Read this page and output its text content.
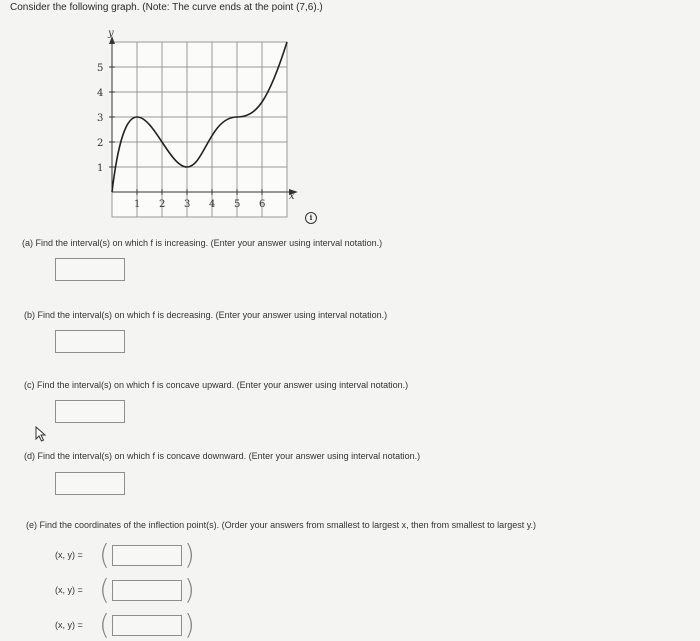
Consider the following graph. (Note: The curve ends at the point (7,6).)
y
x
5
4
3
2
1
1 2 3 4 5 6
i
(a) Find the interval(s) on which f is increasing. (Enter your answer using interval notation.)
(b) Find the interval(s) on which f is decreasing. (Enter your answer using interval notation.)
(c) Find the interval(s) on which f is concave upward. (Enter your answer using interval notation.)
(d) Find the interval(s) on which f is concave downward. (Enter your answer using interval notation.)
(e) Find the coordinates of the inflection point(s). (Order your answers from smallest to largest x, then from smallest to largest y.)
(x, y) = (	)
(x, y) = (	)
(x, y) = (	)
